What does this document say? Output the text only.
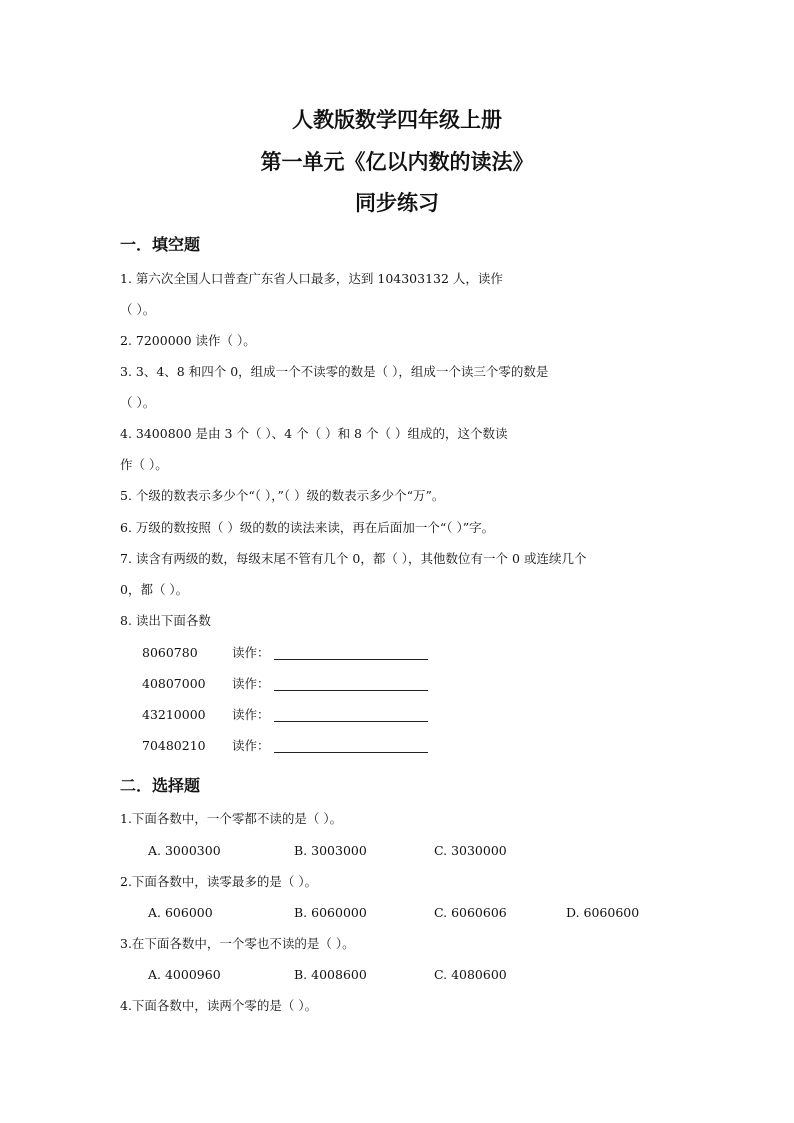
人教版数学四年级上册
第一单元《亿以内数的读法》
同步练习
一．填空题
1. 第六次全国人口普查广东省人口最多，达到 104303132 人，读作
（ ）。
2. 7200000 读作（ ）。
3. 3、4、8 和四个 0，组成一个不读零的数是（ ），组成一个读三个零的数是
（ ）。
4. 3400800 是由 3 个（ ）、4 个（ ）和 8 个（ ）组成的，这个数读
作（ ）。
5. 个级的数表示多少个“（ ），”（ ）级的数表示多少个“万”。
6. 万级的数按照（ ）级的数的读法来读，再在后面加一个“（ ）”字。
7. 读含有两级的数，每级末尾不管有几个 0，都（ ），其他数位有一个 0 或连续几个
0，都（ ）。
8. 读出下面各数
8060780	读作：
40807000 读作：
43210000 读作：
70480210 读作：
二．选择题
1.下面各数中，一个零都不读的是（ ）。
A. 3000300	B. 3003000	C. 3030000
2.下面各数中，读零最多的是（ ）。
A. 606000	B. 6060000	C. 6060606	D. 6060600
3.在下面各数中，一个零也不读的是（ ）。
A. 4000960	B. 4008600	C. 4080600
4.下面各数中，读两个零的是（ ）。
